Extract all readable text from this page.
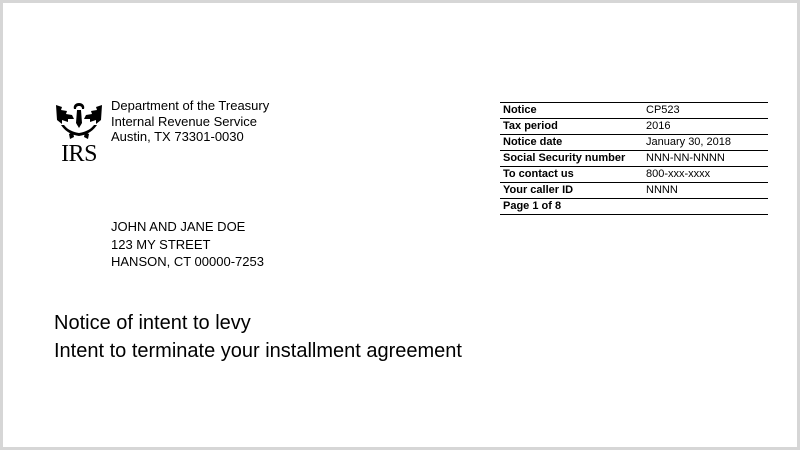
IRS
Department of the Treasury
Internal Revenue Service
Austin, TX 73301-0030
Notice	CP523
Tax period	2016
Notice date	January 30, 2018
Social Security number	NNN-NN-NNNN
To contact us	800-xxx-xxxx
Your caller ID	NNNN
Page 1 of 8	
JOHN AND JANE DOE
123 MY STREET
HANSON, CT 00000-7253
Notice of intent to levy
Intent to terminate your installment agreement
